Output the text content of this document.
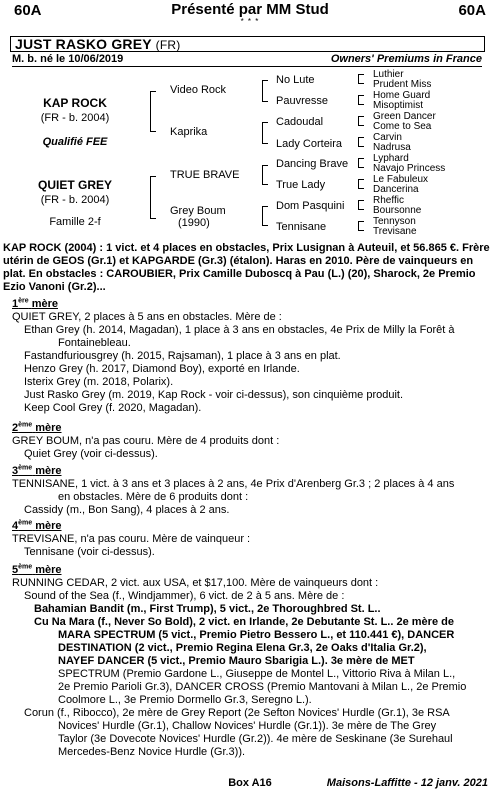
60A	Présenté par MM Stud	60A
* * *
JUST RASKO GREY (FR)
M. b. né le 10/06/2019	Owners' Premiums in France
KAP ROCK
(FR - b. 2004)
Qualifié FEE
QUIET GREY
(FR - b. 2004)
Famille 2-f
Video Rock
Kaprika
TRUE BRAVE
Grey Boum
(1990)
No Lute
Pauvresse
Cadoudal
Lady Corteira
Dancing Brave
True Lady
Dom Pasquini
Tennisane
Luthier
Prudent Miss
Home Guard
Misoptimist
Green Dancer
Come to Sea
Carvin
Nadrusa
Lyphard
Navajo Princess
Le Fabuleux
Dancerina
Rheffic
Boursonne
Tennyson
Trevisane
KAP ROCK (2004) : 1 vict. et 4 places en obstacles, Prix Lusignan à Auteuil, et 56.865 €. Frère utérin de GEOS (Gr.1) et KAPGARDE (Gr.3) (étalon). Haras en 2010. Père de vainqueurs en plat. En obstacles : CAROUBIER, Prix Camille Duboscq à Pau (L.) (20), Sharock, 2e Premio Ezio Vanoni (Gr.2)...
1ère mère
QUIET GREY, 2 places à 5 ans en obstacles. Mère de :
Ethan Grey (h. 2014, Magadan), 1 place à 3 ans en obstacles, 4e Prix de Milly la Forêt à
Fontainebleau.
Fastandfuriousgrey (h. 2015, Rajsaman), 1 place à 3 ans en plat.
Henzo Grey (h. 2017, Diamond Boy), exporté en Irlande.
Isterix Grey (m. 2018, Polarix).
Just Rasko Grey (m. 2019, Kap Rock - voir ci-dessus), son cinquième produit.
Keep Cool Grey (f. 2020, Magadan).
2ème mère
GREY BOUM, n'a pas couru. Mère de 4 produits dont :
Quiet Grey (voir ci-dessus).
3ème mère
TENNISANE, 1 vict. à 3 ans et 3 places à 2 ans, 4e Prix d'Arenberg Gr.3 ; 2 places à 4 ans
en obstacles. Mère de 6 produits dont :
Cassidy (m., Bon Sang), 4 places à 2 ans.
4ème mère
TREVISANE, n'a pas couru. Mère de vainqueur :
Tennisane (voir ci-dessus).
5ème mère
RUNNING CEDAR, 2 vict. aux USA, et $17,100. Mère de vainqueurs dont :
Sound of the Sea (f., Windjammer), 6 vict. de 2 à 5 ans. Mère de :
Bahamian Bandit (m., First Trump), 5 vict., 2e Thoroughbred St. L..
Cu Na Mara (f., Never So Bold), 2 vict. en Irlande, 2e Debutante St. L.. 2e mère de
MARA SPECTRUM (5 vict., Premio Pietro Bessero L., et 110.441 €), DANCER
DESTINATION (2 vict., Premio Regina Elena Gr.3, 2e Oaks d'Italia Gr.2),
NAYEF DANCER (5 vict., Premio Mauro Sbarigia L.). 3e mère de MET
SPECTRUM (Premio Gardone L., Giuseppe de Montel L., Vittorio Riva à Milan L.,
2e Premio Parioli Gr.3), DANCER CROSS (Premio Mantovani à Milan L., 2e Premio
Coolmore L., 3e Premio Dormello Gr.3, Seregno L.).
Corun (f., Ribocco), 2e mère de Grey Report (2e Sefton Novices' Hurdle (Gr.1), 3e RSA
Novices' Hurdle (Gr.1), Challow Novices' Hurdle (Gr.1)). 3e mère de The Grey
Taylor (3e Dovecote Novices' Hurdle (Gr.2)). 4e mère de Seskinane (3e Surehaul
Mercedes-Benz Novice Hurdle (Gr.3)).
Box A16	Maisons-Laffitte - 12 janv. 2021
